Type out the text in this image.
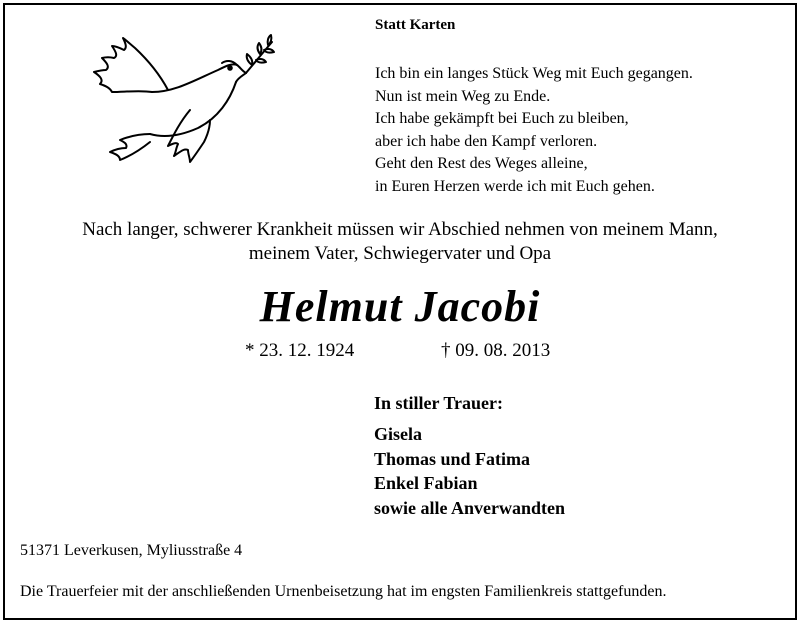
Statt Karten
Ich bin ein langes Stück Weg mit Euch gegangen.
Nun ist mein Weg zu Ende.
Ich habe gekämpft bei Euch zu bleiben,
aber ich habe den Kampf verloren.
Geht den Rest des Weges alleine,
in Euren Herzen werde ich mit Euch gehen.
Nach langer, schwerer Krankheit müssen wir Abschied nehmen von meinem Mann,
meinem Vater, Schwiegervater und Opa
Helmut Jacobi
* 23. 12. 1924	† 09. 08. 2013
In stiller Trauer:
Gisela
Thomas und Fatima
Enkel Fabian
sowie alle Anverwandten
51371 Leverkusen, Myliusstraße 4
Die Trauerfeier mit der anschließenden Urnenbeisetzung hat im engsten Familienkreis stattgefunden.
